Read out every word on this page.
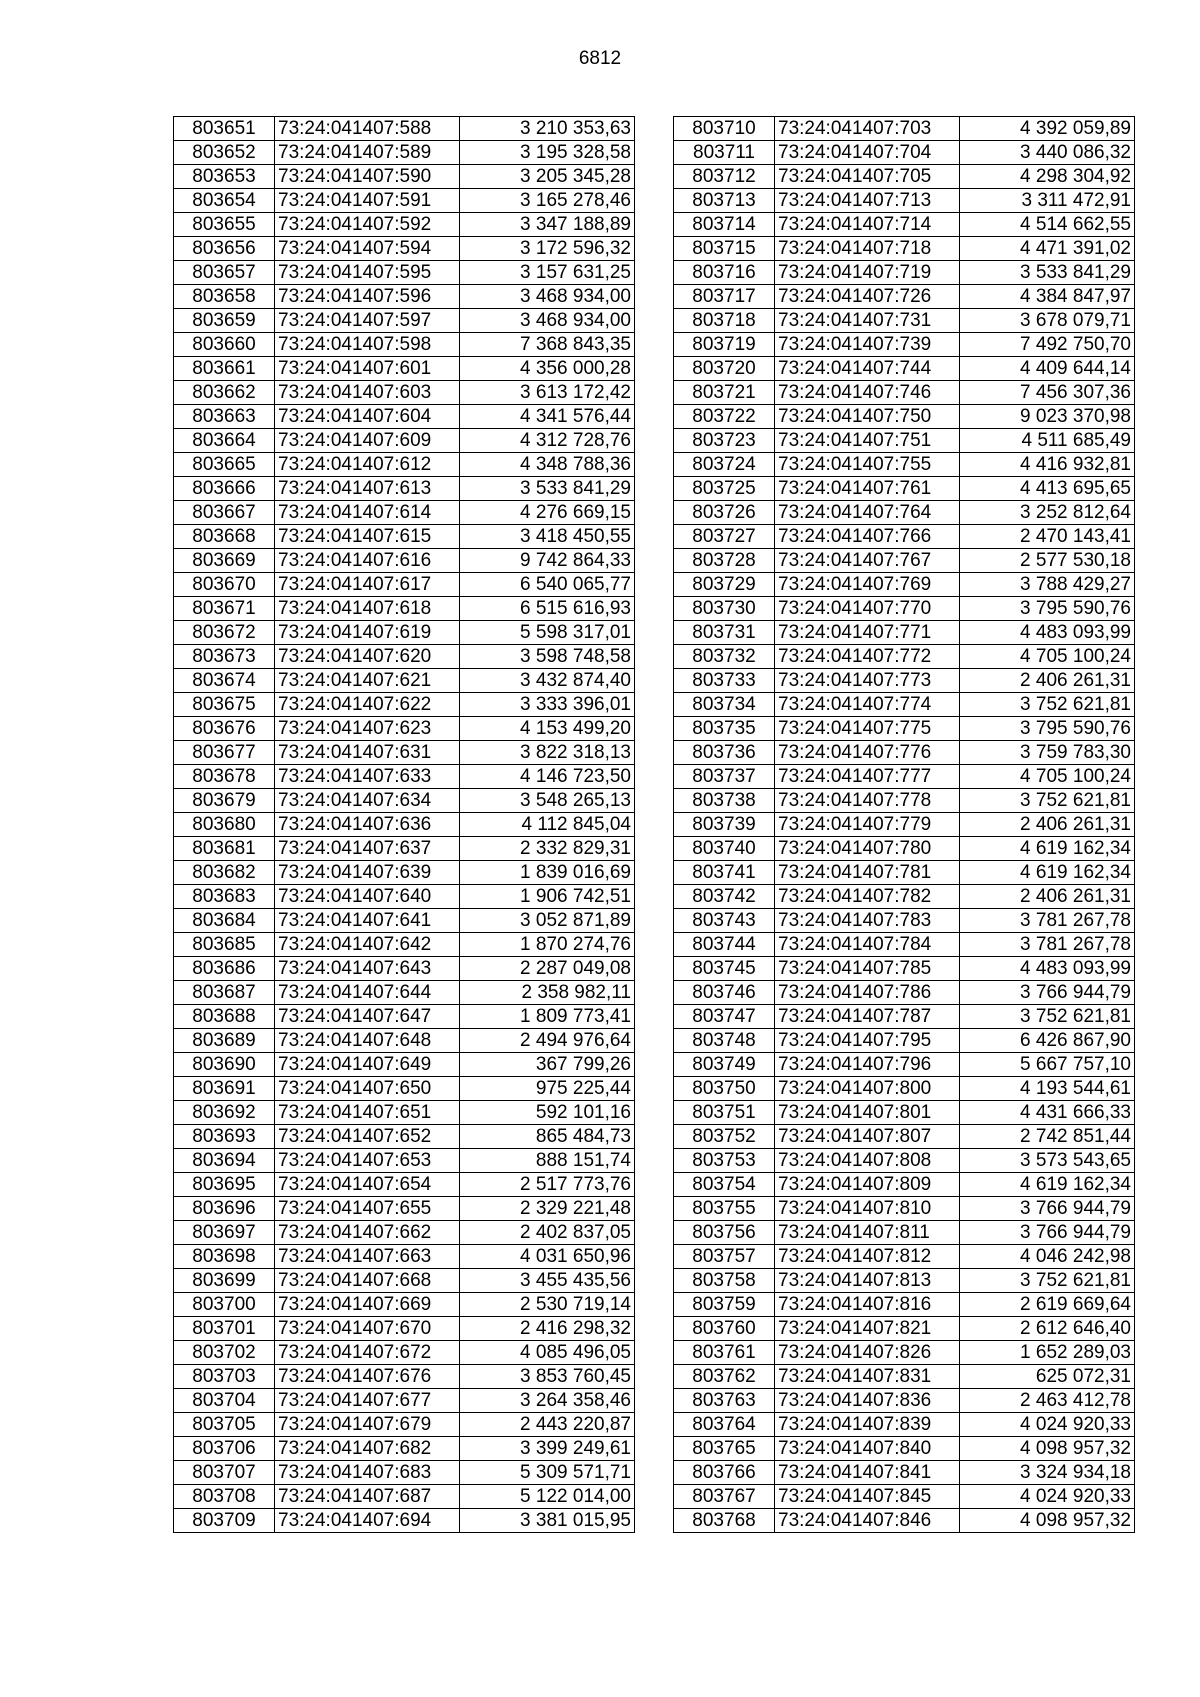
6812
803651	73:24:041407:588	3 210 353,63
803652	73:24:041407:589	3 195 328,58
803653	73:24:041407:590	3 205 345,28
803654	73:24:041407:591	3 165 278,46
803655	73:24:041407:592	3 347 188,89
803656	73:24:041407:594	3 172 596,32
803657	73:24:041407:595	3 157 631,25
803658	73:24:041407:596	3 468 934,00
803659	73:24:041407:597	3 468 934,00
803660	73:24:041407:598	7 368 843,35
803661	73:24:041407:601	4 356 000,28
803662	73:24:041407:603	3 613 172,42
803663	73:24:041407:604	4 341 576,44
803664	73:24:041407:609	4 312 728,76
803665	73:24:041407:612	4 348 788,36
803666	73:24:041407:613	3 533 841,29
803667	73:24:041407:614	4 276 669,15
803668	73:24:041407:615	3 418 450,55
803669	73:24:041407:616	9 742 864,33
803670	73:24:041407:617	6 540 065,77
803671	73:24:041407:618	6 515 616,93
803672	73:24:041407:619	5 598 317,01
803673	73:24:041407:620	3 598 748,58
803674	73:24:041407:621	3 432 874,40
803675	73:24:041407:622	3 333 396,01
803676	73:24:041407:623	4 153 499,20
803677	73:24:041407:631	3 822 318,13
803678	73:24:041407:633	4 146 723,50
803679	73:24:041407:634	3 548 265,13
803680	73:24:041407:636	4 112 845,04
803681	73:24:041407:637	2 332 829,31
803682	73:24:041407:639	1 839 016,69
803683	73:24:041407:640	1 906 742,51
803684	73:24:041407:641	3 052 871,89
803685	73:24:041407:642	1 870 274,76
803686	73:24:041407:643	2 287 049,08
803687	73:24:041407:644	2 358 982,11
803688	73:24:041407:647	1 809 773,41
803689	73:24:041407:648	2 494 976,64
803690	73:24:041407:649	367 799,26
803691	73:24:041407:650	975 225,44
803692	73:24:041407:651	592 101,16
803693	73:24:041407:652	865 484,73
803694	73:24:041407:653	888 151,74
803695	73:24:041407:654	2 517 773,76
803696	73:24:041407:655	2 329 221,48
803697	73:24:041407:662	2 402 837,05
803698	73:24:041407:663	4 031 650,96
803699	73:24:041407:668	3 455 435,56
803700	73:24:041407:669	2 530 719,14
803701	73:24:041407:670	2 416 298,32
803702	73:24:041407:672	4 085 496,05
803703	73:24:041407:676	3 853 760,45
803704	73:24:041407:677	3 264 358,46
803705	73:24:041407:679	2 443 220,87
803706	73:24:041407:682	3 399 249,61
803707	73:24:041407:683	5 309 571,71
803708	73:24:041407:687	5 122 014,00
803709	73:24:041407:694	3 381 015,95
803710	73:24:041407:703	4 392 059,89
803711	73:24:041407:704	3 440 086,32
803712	73:24:041407:705	4 298 304,92
803713	73:24:041407:713	3 311 472,91
803714	73:24:041407:714	4 514 662,55
803715	73:24:041407:718	4 471 391,02
803716	73:24:041407:719	3 533 841,29
803717	73:24:041407:726	4 384 847,97
803718	73:24:041407:731	3 678 079,71
803719	73:24:041407:739	7 492 750,70
803720	73:24:041407:744	4 409 644,14
803721	73:24:041407:746	7 456 307,36
803722	73:24:041407:750	9 023 370,98
803723	73:24:041407:751	4 511 685,49
803724	73:24:041407:755	4 416 932,81
803725	73:24:041407:761	4 413 695,65
803726	73:24:041407:764	3 252 812,64
803727	73:24:041407:766	2 470 143,41
803728	73:24:041407:767	2 577 530,18
803729	73:24:041407:769	3 788 429,27
803730	73:24:041407:770	3 795 590,76
803731	73:24:041407:771	4 483 093,99
803732	73:24:041407:772	4 705 100,24
803733	73:24:041407:773	2 406 261,31
803734	73:24:041407:774	3 752 621,81
803735	73:24:041407:775	3 795 590,76
803736	73:24:041407:776	3 759 783,30
803737	73:24:041407:777	4 705 100,24
803738	73:24:041407:778	3 752 621,81
803739	73:24:041407:779	2 406 261,31
803740	73:24:041407:780	4 619 162,34
803741	73:24:041407:781	4 619 162,34
803742	73:24:041407:782	2 406 261,31
803743	73:24:041407:783	3 781 267,78
803744	73:24:041407:784	3 781 267,78
803745	73:24:041407:785	4 483 093,99
803746	73:24:041407:786	3 766 944,79
803747	73:24:041407:787	3 752 621,81
803748	73:24:041407:795	6 426 867,90
803749	73:24:041407:796	5 667 757,10
803750	73:24:041407:800	4 193 544,61
803751	73:24:041407:801	4 431 666,33
803752	73:24:041407:807	2 742 851,44
803753	73:24:041407:808	3 573 543,65
803754	73:24:041407:809	4 619 162,34
803755	73:24:041407:810	3 766 944,79
803756	73:24:041407:811	3 766 944,79
803757	73:24:041407:812	4 046 242,98
803758	73:24:041407:813	3 752 621,81
803759	73:24:041407:816	2 619 669,64
803760	73:24:041407:821	2 612 646,40
803761	73:24:041407:826	1 652 289,03
803762	73:24:041407:831	625 072,31
803763	73:24:041407:836	2 463 412,78
803764	73:24:041407:839	4 024 920,33
803765	73:24:041407:840	4 098 957,32
803766	73:24:041407:841	3 324 934,18
803767	73:24:041407:845	4 024 920,33
803768	73:24:041407:846	4 098 957,32
